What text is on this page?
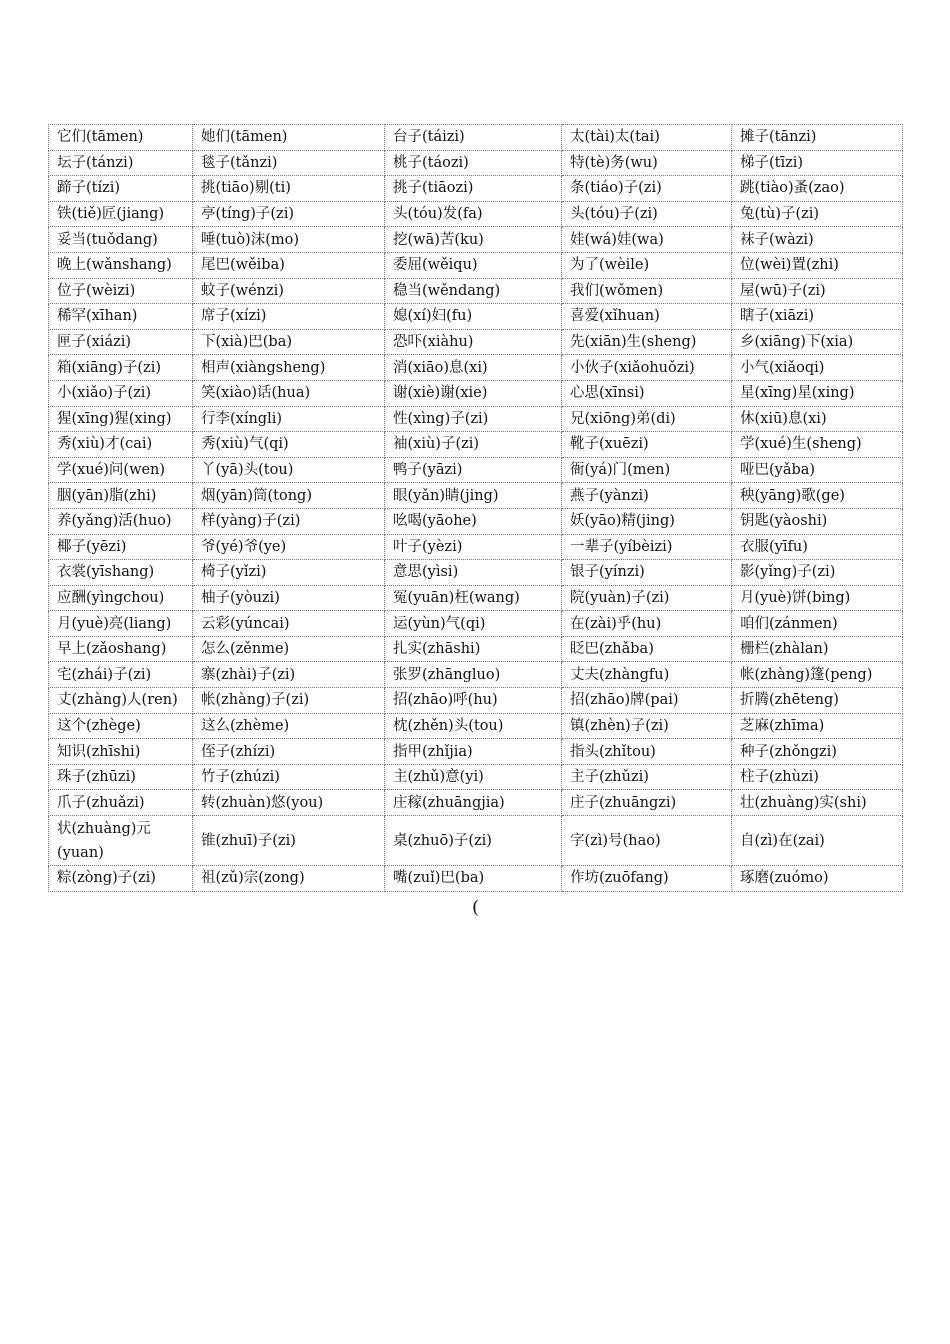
它们(tāmen)	她们(tāmen)	台子(táizi)	太(tài)太(tai)	摊子(tānzi)
坛子(tánzi)	毯子(tǎnzi)	桃子(táozi)	特(tè)务(wu)	梯子(tīzi)
蹄子(tízi)	挑(tiāo)剔(ti)	挑子(tiāozi)	条(tiáo)子(zi)	跳(tiào)蚤(zao)
铁(tiě)匠(jiang)	亭(tíng)子(zi)	头(tóu)发(fa)	头(tóu)子(zi)	兔(tù)子(zi)
妥当(tuǒdang)	唾(tuò)沫(mo)	挖(wā)苦(ku)	娃(wá)娃(wa)	袜子(wàzi)
晚上(wǎnshang)	尾巴(wěiba)	委屈(wěiqu)	为了(wèile)	位(wèi)置(zhi)
位子(wèizi)	蚊子(wénzi)	稳当(wěndang)	我们(wǒmen)	屋(wū)子(zi)
稀罕(xīhan)	席子(xízi)	媳(xí)妇(fu)	喜爱(xǐhuan)	瞎子(xiāzi)
匣子(xiázi)	下(xià)巴(ba)	恐吓(xiàhu)	先(xiān)生(sheng)	乡(xiāng)下(xia)
箱(xiāng)子(zi)	相声(xiàngsheng)	消(xiāo)息(xi)	小伙子(xiǎohuǒzi)	小气(xiǎoqi)
小(xiǎo)子(zi)	笑(xiào)话(hua)	谢(xiè)谢(xie)	心思(xīnsi)	星(xīng)星(xing)
猩(xīng)猩(xing)	行李(xíngli)	性(xìng)子(zi)	兄(xiōng)弟(di)	休(xiū)息(xi)
秀(xiù)才(cai)	秀(xiù)气(qi)	袖(xiù)子(zi)	靴子(xuēzi)	学(xué)生(sheng)
学(xué)问(wen)	丫(yā)头(tou)	鸭子(yāzi)	衙(yá)门(men)	哑巴(yǎba)
胭(yān)脂(zhi)	烟(yān)筒(tong)	眼(yǎn)睛(jing)	燕子(yànzi)	秧(yāng)歌(ge)
养(yǎng)活(huo)	样(yàng)子(zi)	吆喝(yāohe)	妖(yāo)精(jing)	钥匙(yàoshi)
椰子(yēzi)	爷(yé)爷(ye)	叶子(yèzi)	一辈子(yíbèizi)	衣服(yīfu)
衣裳(yīshang)	椅子(yǐzi)	意思(yìsi)	银子(yínzi)	影(yǐng)子(zi)
应酬(yìngchou)	柚子(yòuzi)	冤(yuān)枉(wang)	院(yuàn)子(zi)	月(yuè)饼(bing)
月(yuè)亮(liang)	云彩(yúncai)	运(yùn)气(qi)	在(zài)乎(hu)	咱们(zánmen)
早上(zǎoshang)	怎么(zěnme)	扎实(zhāshi)	眨巴(zhǎba)	栅栏(zhàlan)
宅(zhái)子(zi)	寨(zhài)子(zi)	张罗(zhāngluo)	丈夫(zhàngfu)	帐(zhàng)篷(peng)
丈(zhàng)人(ren)	帐(zhàng)子(zi)	招(zhāo)呼(hu)	招(zhāo)牌(pai)	折腾(zhēteng)
这个(zhège)	这么(zhème)	枕(zhěn)头(tou)	镇(zhèn)子(zi)	芝麻(zhīma)
知识(zhīshi)	侄子(zhízi)	指甲(zhǐjia)	指头(zhǐtou)	种子(zhǒngzi)
珠子(zhūzi)	竹子(zhúzi)	主(zhǔ)意(yi)	主子(zhǔzi)	柱子(zhùzi)
爪子(zhuǎzi)	转(zhuàn)悠(you)	庄稼(zhuāngjia)	庄子(zhuāngzi)	壮(zhuàng)实(shi)
状(zhuàng)元(yuan)	锥(zhuī)子(zi)	桌(zhuō)子(zi)	字(zì)号(hao)	自(zì)在(zai)
粽(zòng)子(zi)	祖(zǔ)宗(zong)	嘴(zuǐ)巴(ba)	作坊(zuōfang)	琢磨(zuómo)
(
